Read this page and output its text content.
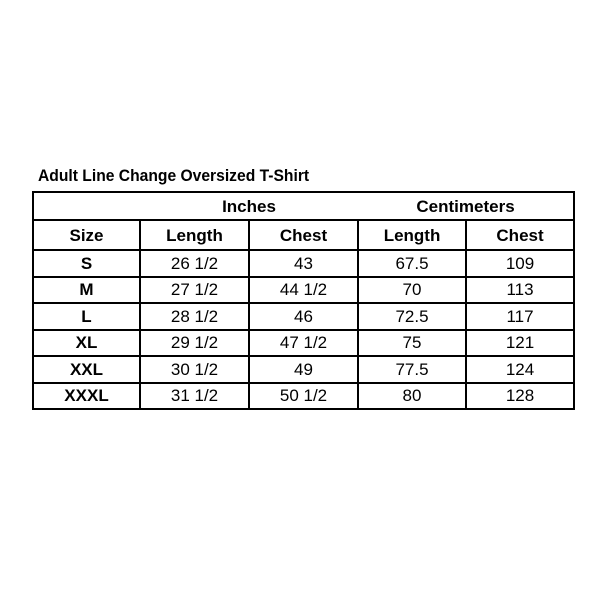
Adult Line Change Oversized T-Shirt
	Inches		Centimeters	
Size	Length	Chest	Length	Chest
S	26 1/2	43	67.5	109
M	27 1/2	44 1/2	70	113
L	28 1/2	46	72.5	117
XL	29 1/2	47 1/2	75	121
XXL	30 1/2	49	77.5	124
XXXL	31 1/2	50 1/2	80	128
